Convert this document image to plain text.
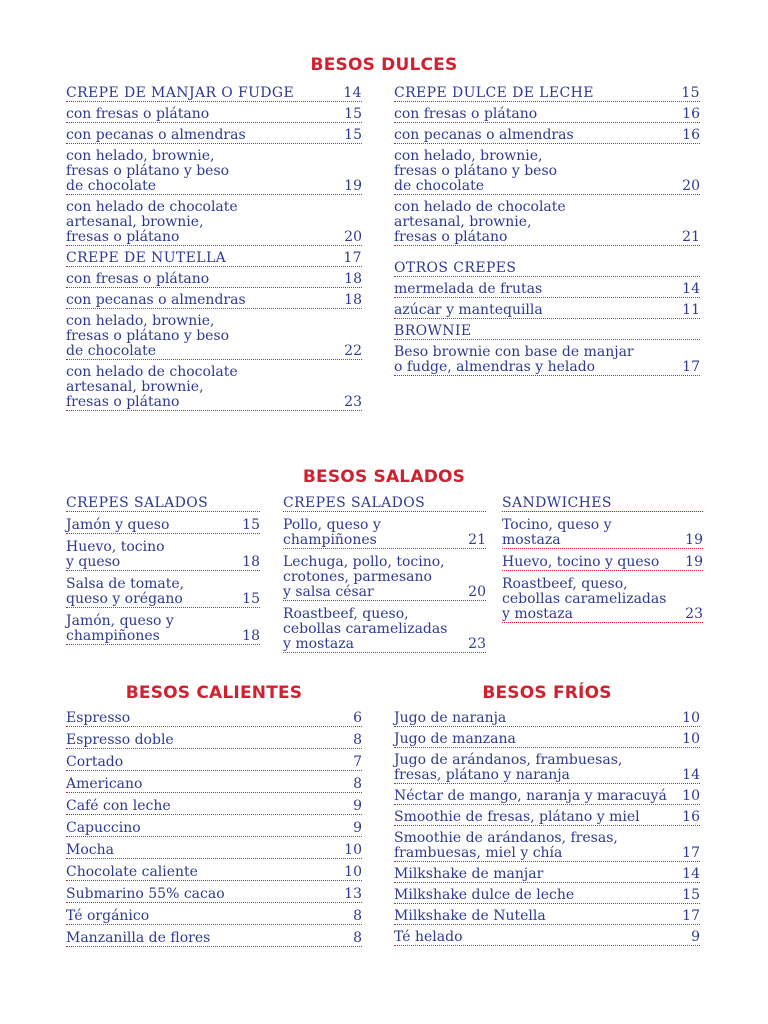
BESOS DULCES
BESOS SALADOS
BESOS CALIENTES	BESOS FRÍOS
CREPE DE MANJAR O FUDGE	14
con fresas o plátano	15
con pecanas o almendras	15
con helado, brownie,
fresas o plátano y beso
de chocolate	19
con helado de chocolate
artesanal, brownie,
fresas o plátano	20
CREPE DE NUTELLA	17
con fresas o plátano	18
con pecanas o almendras	18
con helado, brownie,
fresas o plátano y beso
de chocolate	22
con helado de chocolate
artesanal, brownie,
fresas o plátano	23
CREPE DULCE DE LECHE	15
con fresas o plátano	16
con pecanas o almendras	16
con helado, brownie,
fresas o plátano y beso
de chocolate	20
con helado de chocolate
artesanal, brownie,
fresas o plátano	21
OTROS CREPES
mermelada de frutas	14
azúcar y mantequilla	11
BROWNIE
Beso brownie con base de manjar
o fudge, almendras y helado	17
CREPES SALADOS
Jamón y queso	15
Huevo, tocino
y queso	18
Salsa de tomate,
queso y orégano	15
Jamón, queso y
champiñones	18
CREPES SALADOS
Pollo, queso y
champiñones	21
Lechuga, pollo, tocino,
crotones, parmesano
y salsa césar	20
Roastbeef, queso,
cebollas caramelizadas
y mostaza	23
SANDWICHES
Tocino, queso y
mostaza	19
Huevo, tocino y queso 19
Roastbeef, queso,
cebollas caramelizadas
y mostaza	23
Espresso	6
Espresso doble	8
Cortado	7
Americano	8
Café con leche	9
Capuccino	9
Mocha	10
Chocolate caliente	10
Submarino 55% cacao	13
Té orgánico	8
Manzanilla de flores	8
Jugo de naranja	10
Jugo de manzana	10
Jugo de arándanos, frambuesas,
fresas, plátano y naranja	14
Néctar de mango, naranja y maracuyá 10
Smoothie de fresas, plátano y miel	16
Smoothie de arándanos, fresas,
frambuesas, miel y chía	17
Milkshake de manjar	14
Milkshake dulce de leche	15
Milkshake de Nutella	17
Té helado	9
